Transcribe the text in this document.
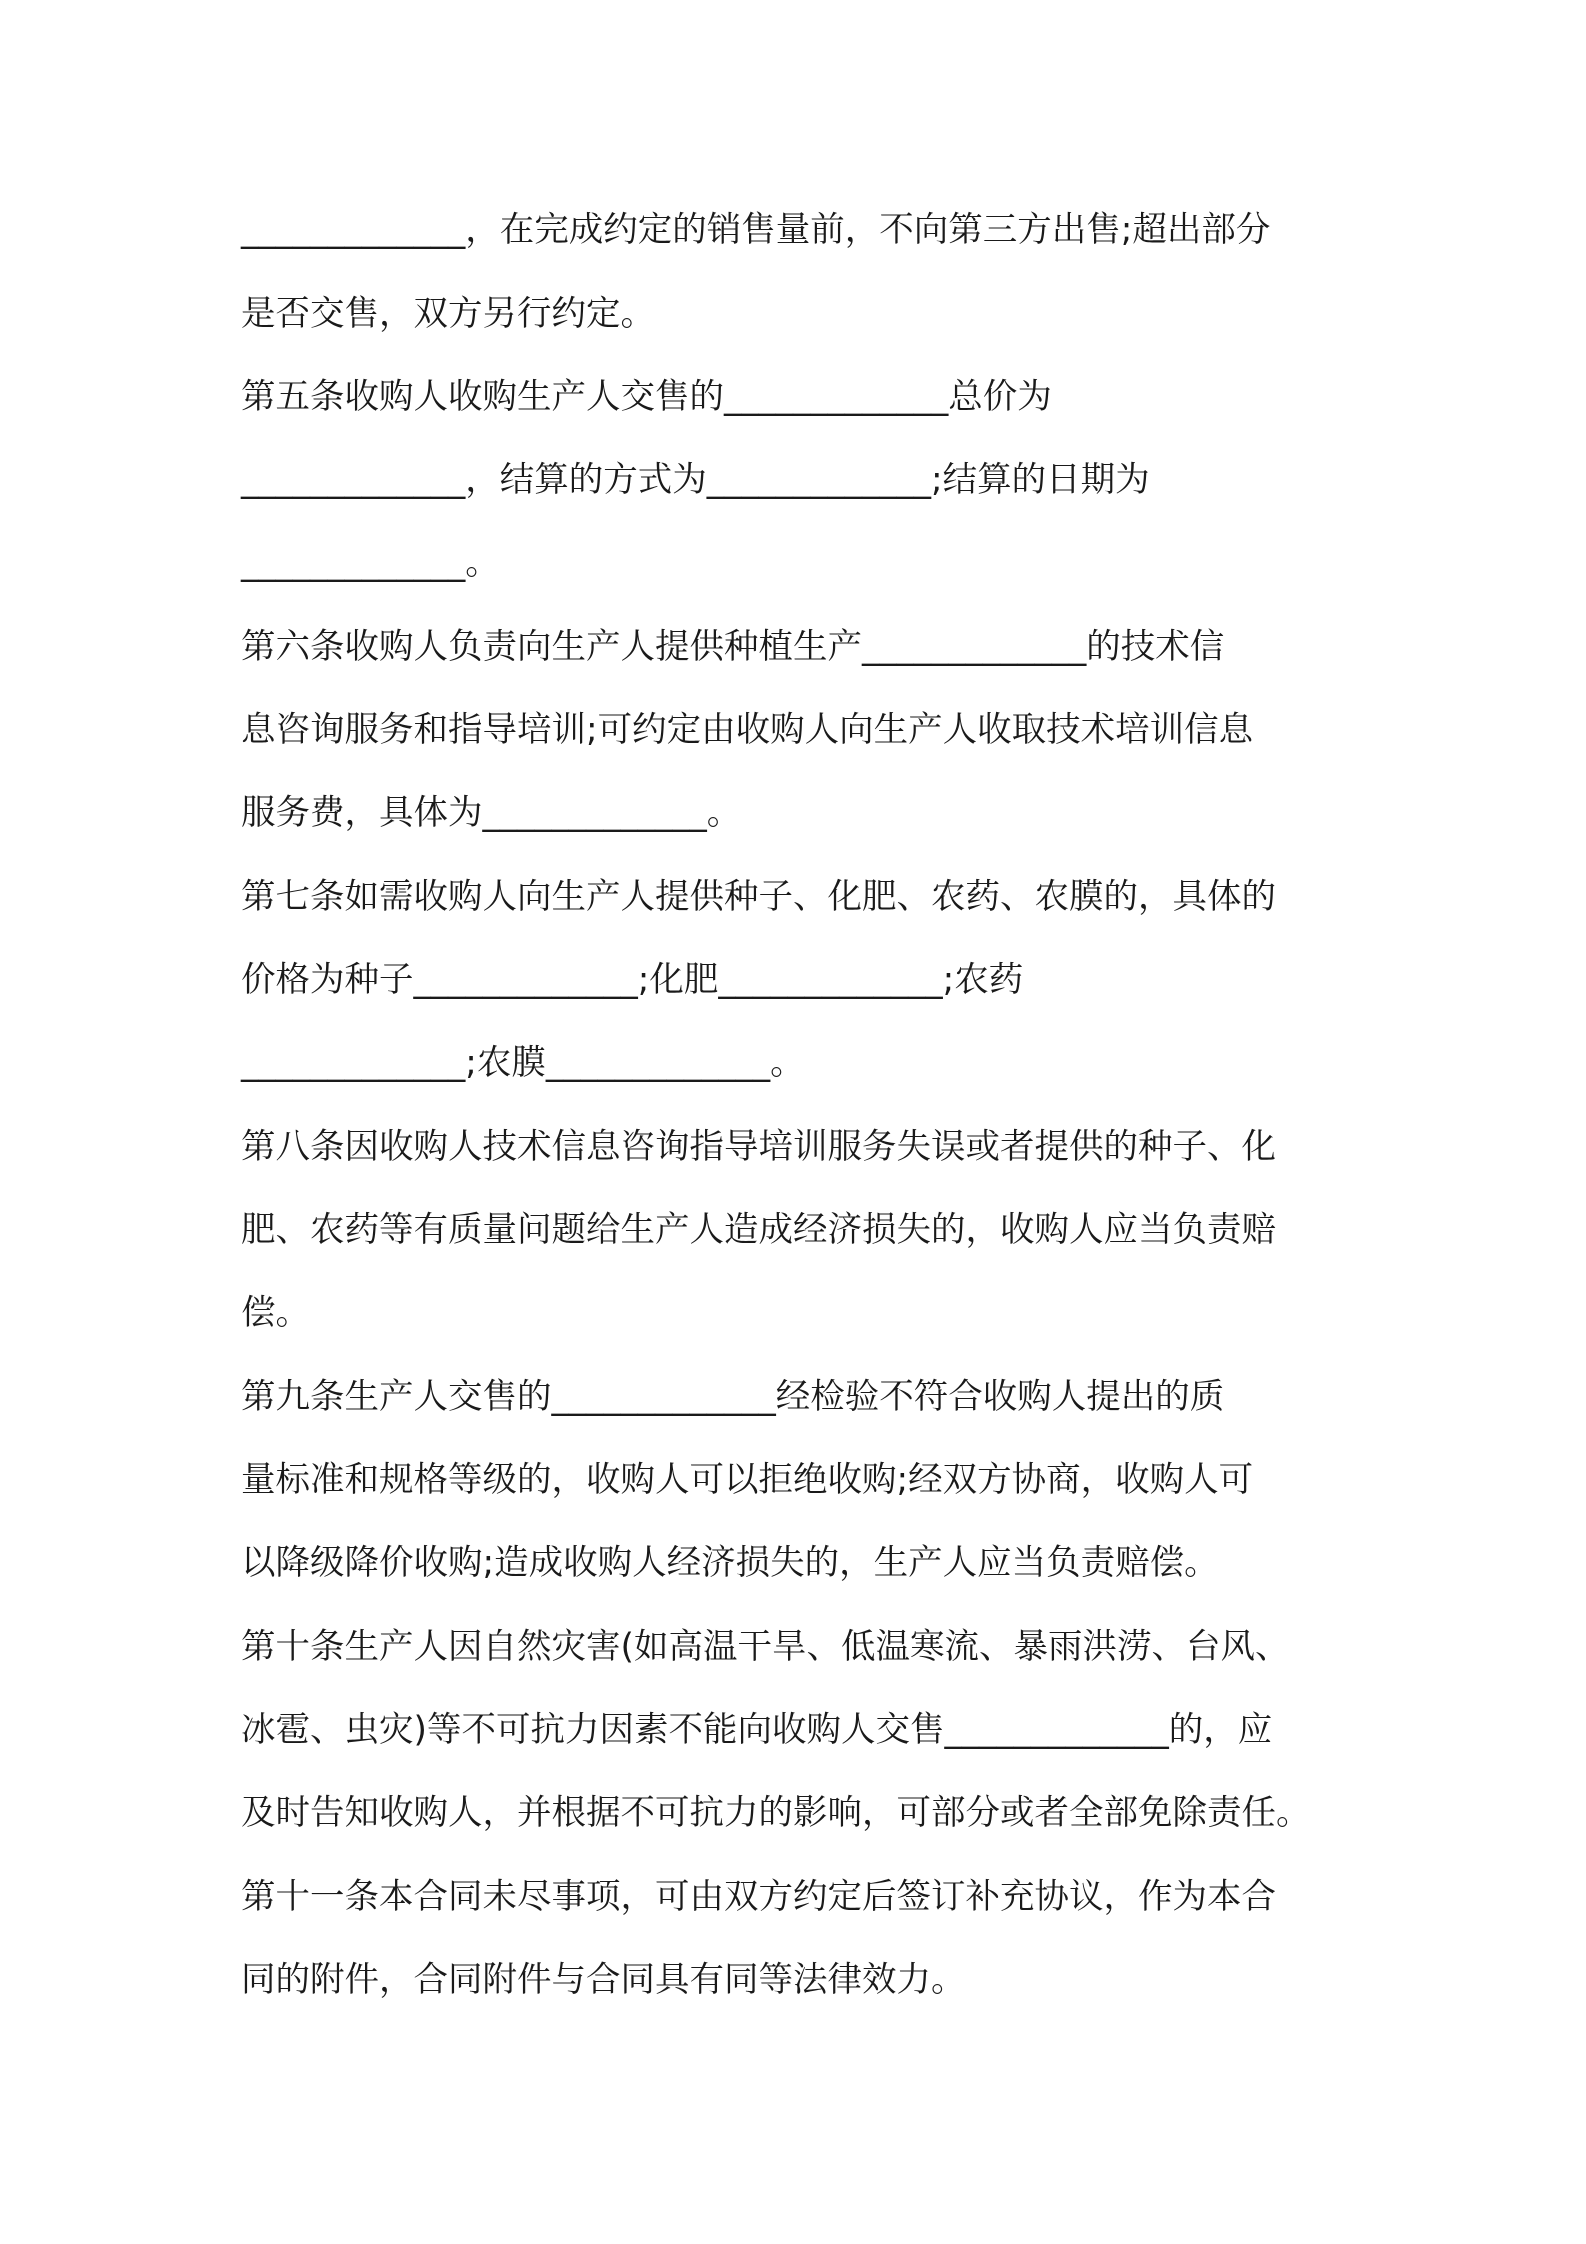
_____________，在完成约定的销售量前，不向第三方出售;超出部分
是否交售，双方另行约定。
第五条收购人收购生产人交售的_____________总价为
_____________，结算的方式为_____________;结算的日期为
_____________。
第六条收购人负责向生产人提供种植生产_____________的技术信
息咨询服务和指导培训;可约定由收购人向生产人收取技术培训信息
服务费，具体为_____________。
第七条如需收购人向生产人提供种子、化肥、农药、农膜的，具体的
价格为种子_____________;化肥_____________;农药
_____________;农膜_____________。
第八条因收购人技术信息咨询指导培训服务失误或者提供的种子、化
肥、农药等有质量问题给生产人造成经济损失的，收购人应当负责赔
偿。
第九条生产人交售的_____________经检验不符合收购人提出的质
量标准和规格等级的，收购人可以拒绝收购;经双方协商，收购人可
以降级降价收购;造成收购人经济损失的，生产人应当负责赔偿。
第十条生产人因自然灾害(如高温干旱、低温寒流、暴雨洪涝、台风、
冰雹、虫灾)等不可抗力因素不能向收购人交售_____________的，应
及时告知收购人，并根据不可抗力的影响，可部分或者全部免除责任。
第十一条本合同未尽事项，可由双方约定后签订补充协议，作为本合
同的附件，合同附件与合同具有同等法律效力。
